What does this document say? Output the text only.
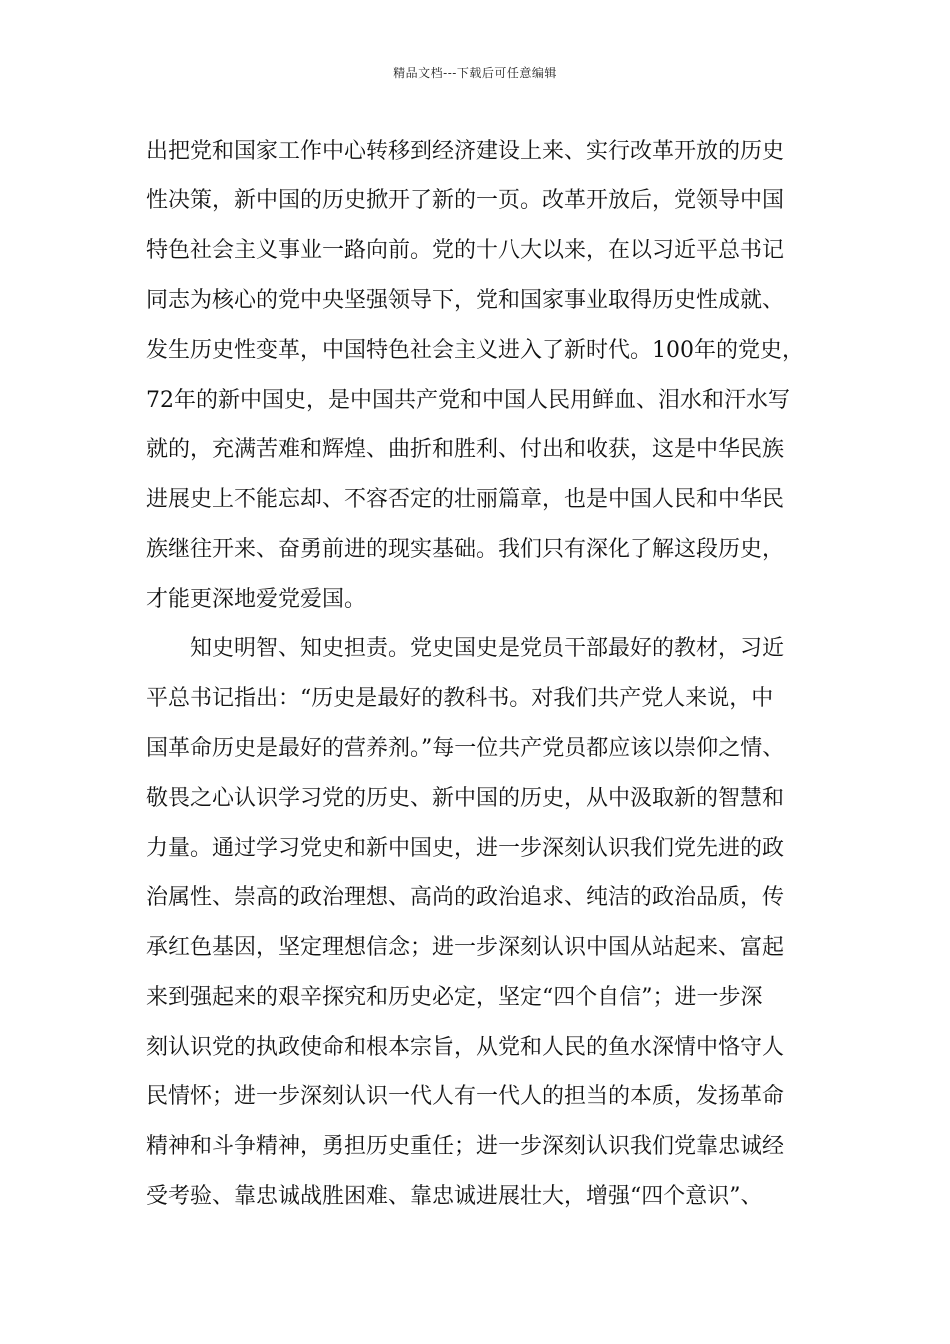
精品文档---下载后可任意编辑
出把党和国家工作中心转移到经济建设上来、实行改革开放的历史
性决策，新中国的历史掀开了新的一页。改革开放后，党领导中国
特色社会主义事业一路向前。党的十八大以来，在以习近平总书记
同志为核心的党中央坚强领导下，党和国家事业取得历史性成就、
发生历史性变革，中国特色社会主义进入了新时代。100年的党史，
72年的新中国史，是中国共产党和中国人民用鲜血、泪水和汗水写
就的，充满苦难和辉煌、曲折和胜利、付出和收获，这是中华民族
进展史上不能忘却、不容否定的壮丽篇章，也是中国人民和中华民
族继往开来、奋勇前进的现实基础。我们只有深化了解这段历史，
才能更深地爱党爱国。
知史明智、知史担责。党史国史是党员干部最好的教材，习近
平总书记指出：“历史是最好的教科书。对我们共产党人来说，中
国革命历史是最好的营养剂。”每一位共产党员都应该以崇仰之情、
敬畏之心认识学习党的历史、新中国的历史，从中汲取新的智慧和
力量。通过学习党史和新中国史，进一步深刻认识我们党先进的政
治属性、崇高的政治理想、高尚的政治追求、纯洁的政治品质，传
承红色基因，坚定理想信念；进一步深刻认识中国从站起来、富起
来到强起来的艰辛探究和历史必定，坚定“四个自信”；进一步深
刻认识党的执政使命和根本宗旨，从党和人民的鱼水深情中恪守人
民情怀；进一步深刻认识一代人有一代人的担当的本质，发扬革命
精神和斗争精神，勇担历史重任；进一步深刻认识我们党靠忠诚经
受考验、靠忠诚战胜困难、靠忠诚进展壮大，增强“四个意识”、
